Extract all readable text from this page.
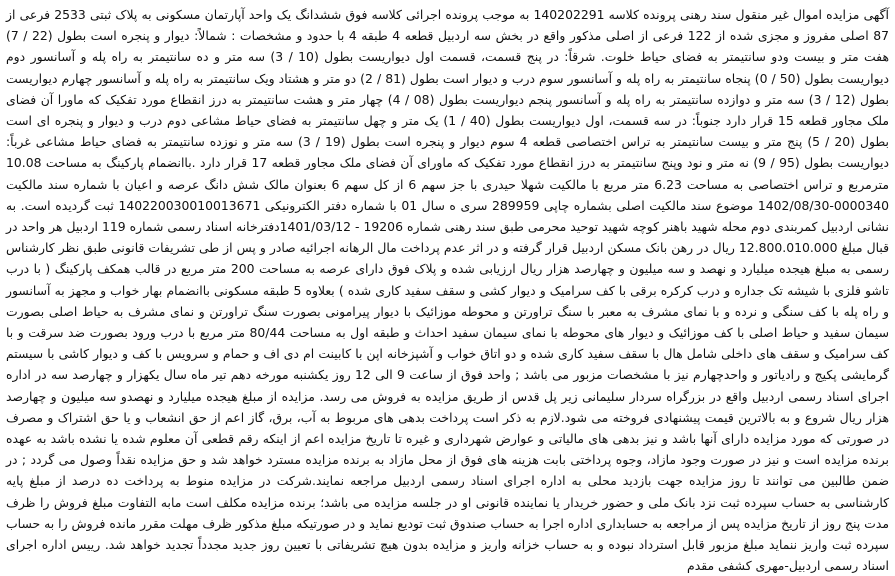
آگهی مزایده اموال غیر منقول سند رهنی پرونده کلاسه 140202291 به موجب پرونده اجرائی کلاسه فوق ششدانگ یک واحد آپارتمان مسکونی به پلاک ثبتی 2533 فرعی از 87 اصلی مفروز و مجزی شده از 122 فرعی از اصلی مذکور واقع در بخش سه اردبیل قطعه 4 طبقه 4 با حدود و مشخصات : شمالاً: دیوار و پنجره است بطول (22 / 7) هفت متر و بیست ودو سانتیمتر به فضای حیاط خلوت. شرقاً: در پنج قسمت، قسمت اول دیواریست بطول (10 / 3) سه متر و ده سانتیمتر به راه پله و آسانسور دوم دیواریست بطول (50 / 0) پنجاه سانتیمتر به راه پله و آسانسور سوم درب و دیوار است بطول (81 / 2) دو متر و هشتاد ویک سانتیمتر به راه پله و آسانسور چهارم دیواریست بطول (12 / 3) سه متر و دوازده سانتیمتر به راه پله و آسانسور پنجم دیواریست بطول (08 / 4) چهار متر و هشت سانتیمتر به درز انقطاع مورد تفکیک که ماورا آن فضای ملک مجاور قطعه 15 قرار دارد جنوباً: در سه قسمت، اول دیواریست بطول (40 / 1) یک متر و چهل سانتیمتر به فضای حیاط مشاعی دوم درب و دیوار و پنجره ای است بطول (20 / 5) پنج متر و بیست سانتیمتر به تراس اختصاصی قطعه 4 سوم دیوار و پنجره است بطول (19 / 3) سه متر و نوزده سانتیمتر به فضای حیاط مشاعی غرباً: دیواریست بطول (95 / 9) نه متر و نود وپنج سانتیمتر به درز انقطاع مورد تفکیک که ماورای آن فضای ملک مجاور قطعه 17 قرار دارد .باانضمام پارکینگ به مساحت 10.08 مترمربع و تراس اختصاصی به مساحت 6.23 متر مربع با مالکیت شهلا حیدری با جز سهم 6 از کل سهم 6 بعنوان مالک شش دانگ عرصه و اعیان با شماره سند مالکیت 0000340-1402/08/30 موضوع سند مالکیت اصلی بشماره چاپی 289959 سری ه سال 01 با شماره دفتر الکترونیکی 140220030010013671 ثبت گردیده است. به نشانی اردبیل کمربندی دوم محله شهید باهنر کوچه شهید توحید محرمی طبق سند رهنی شماره 19206 - 1401/03/12دفترخانه اسناد رسمی شماره 119 اردبیل هر واحد در قبال مبلغ 12.800.010.000 ریال در رهن بانک مسکن اردبیل قرار گرفته و در اثر عدم پرداخت مال الرهانه اجرائیه صادر و پس از طی تشریفات قانونی طبق نظر کارشناس رسمی به مبلغ هیجده میلیارد و نهصد و سه میلیون و چهارصد هزار ریال ارزیابی شده و پلاک فوق دارای عرصه به مساحت 200 متر مربع در قالب همکف پارکینگ ( با درب تاشو فلزی با شیشه تک جداره و درب کرکره برقی با کف سرامیک و دیوار کشی و سقف سفید کاری شده ) بعلاوه 5 طبقه مسکونی باانضمام بهار خواب و مجهز به آسانسور و راه پله با کف سنگی و نرده و با نمای مشرف به معبر با سنگ تراورتن و محوطه موزائیک با دیوار پیرامونی بصورت سنگ تراورتن و نمای مشرف به حیاط اصلی بصورت سیمان سفید و حیاط اصلی با کف موزائیک و دیوار های محوطه با نمای سیمان سفید احداث و طبقه اول به مساحت 80/44 متر مربع با درب ورود بصورت ضد سرقت و با کف سرامیک و سقف های داخلی شامل هال با سقف سفید کاری شده و دو اتاق خواب و آشپزخانه اپن با کابینت ام دی اف و حمام و سرویس با کف و دیوار کاشی با سیستم گرمایشی پکیج و رادیاتور و واحدچهارم نیز با مشخصات مزبور می باشد ; واحد فوق از ساعت 9 الی 12 روز یکشنبه مورخه دهم تیر ماه سال یکهزار و چهارصد سه در اداره اجرای اسناد رسمی اردبیل واقع در بزرگراه سردار سلیمانی زیر پل قدس از طریق مزایده به فروش می رسد. مزایده از مبلغ هیجده میلیارد و نهصدو سه میلیون و چهارصد هزار ریال شروع و به بالاترین قیمت پیشنهادی فروخته می شود.لازم به ذکر است پرداخت بدهی های مربوط به آب، برق، گاز اعم از حق انشعاب و یا حق اشتراک و مصرف در صورتی که مورد مزایده دارای آنها باشد و نیز بدهی های مالیاتی و عوارض شهرداری و غیره تا تاریخ مزایده اعم از اینکه رقم قطعی آن معلوم شده یا نشده باشد به عهده برنده مزایده است و نیز در صورت وجود مازاد، وجوه پرداختی بابت هزینه های فوق از محل مازاد به برنده مزایده مسترد خواهد شد و حق مزایده نقداً وصول می گردد ; در ضمن طالبین می توانند تا روز مزایده جهت بازدید محلی به اداره اجرای اسناد رسمی اردبیل مراجعه نمایند.شرکت در مزایده منوط به پرداخت ده درصد از مبلغ پایه کارشناسی به حساب سپرده ثبت نزد بانک ملی و حضور خریدار یا نماینده قانونی او در جلسه مزایده می باشد؛ برنده مزایده مکلف است مابه التفاوت مبلغ فروش را ظرف مدت پنج روز از تاریخ مزایده پس از مراجعه به حسابداری اداره اجرا به حساب صندوق ثبت تودیع نماید و در صورتیکه مبلغ مذکور ظرف مهلت مقرر مانده فروش را به حساب سپرده ثبت واریز ننماید مبلغ مزبور قابل استرداد نبوده و به حساب خزانه واریز و مزایده بدون هیچ تشریفاتی با تعیین روز جدید مجدداً تجدید خواهد شد. رییس اداره اجرای اسناد رسمی اردبیل-مهری کشفی مقدم
